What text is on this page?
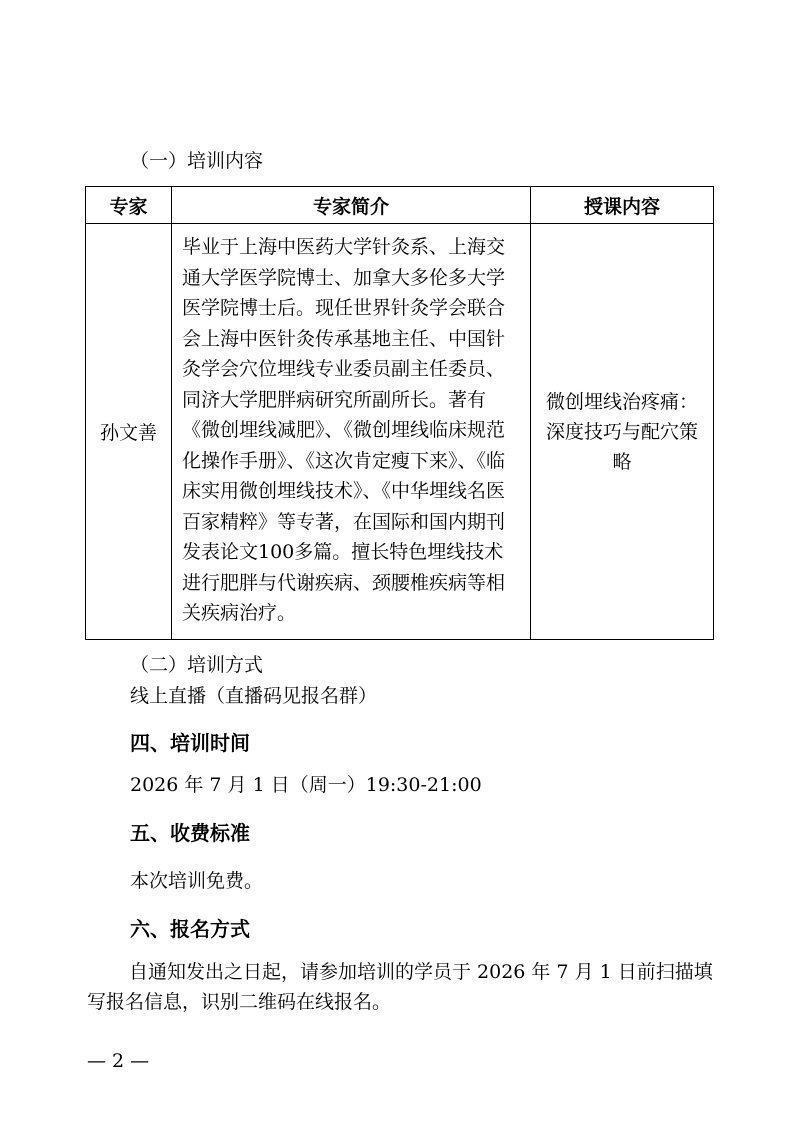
（一）培训内容
专家	专家简介	授课内容
孙文善	毕业于上海中医药大学针灸系、上海交通大学医学院博士、加拿大多伦多大学医学院博士后。现任世界针灸学会联合会上海中医针灸传承基地主任、中国针灸学会穴位埋线专业委员副主任委员、同济大学肥胖病研究所副所长。著有《微创埋线减肥》、《微创埋线临床规范化操作手册》、《这次肯定瘦下来》、《临床实用微创埋线技术》、《中华埋线名医百家精粹》等专著，在国际和国内期刊发表论文100多篇。擅长特色埋线技术进行肥胖与代谢疾病、颈腰椎疾病等相关疾病治疗。	微创埋线治疼痛：深度技巧与配穴策略
（二）培训方式
线上直播（直播码见报名群）
四、培训时间
2026 年 7 月 1 日（周一）19:30-21:00
五、收费标准
本次培训免费。
六、报名方式
自通知发出之日起，请参加培训的学员于 2026 年 7 月 1 日前扫描填写报名信息，识别二维码在线报名。
— 2 —
